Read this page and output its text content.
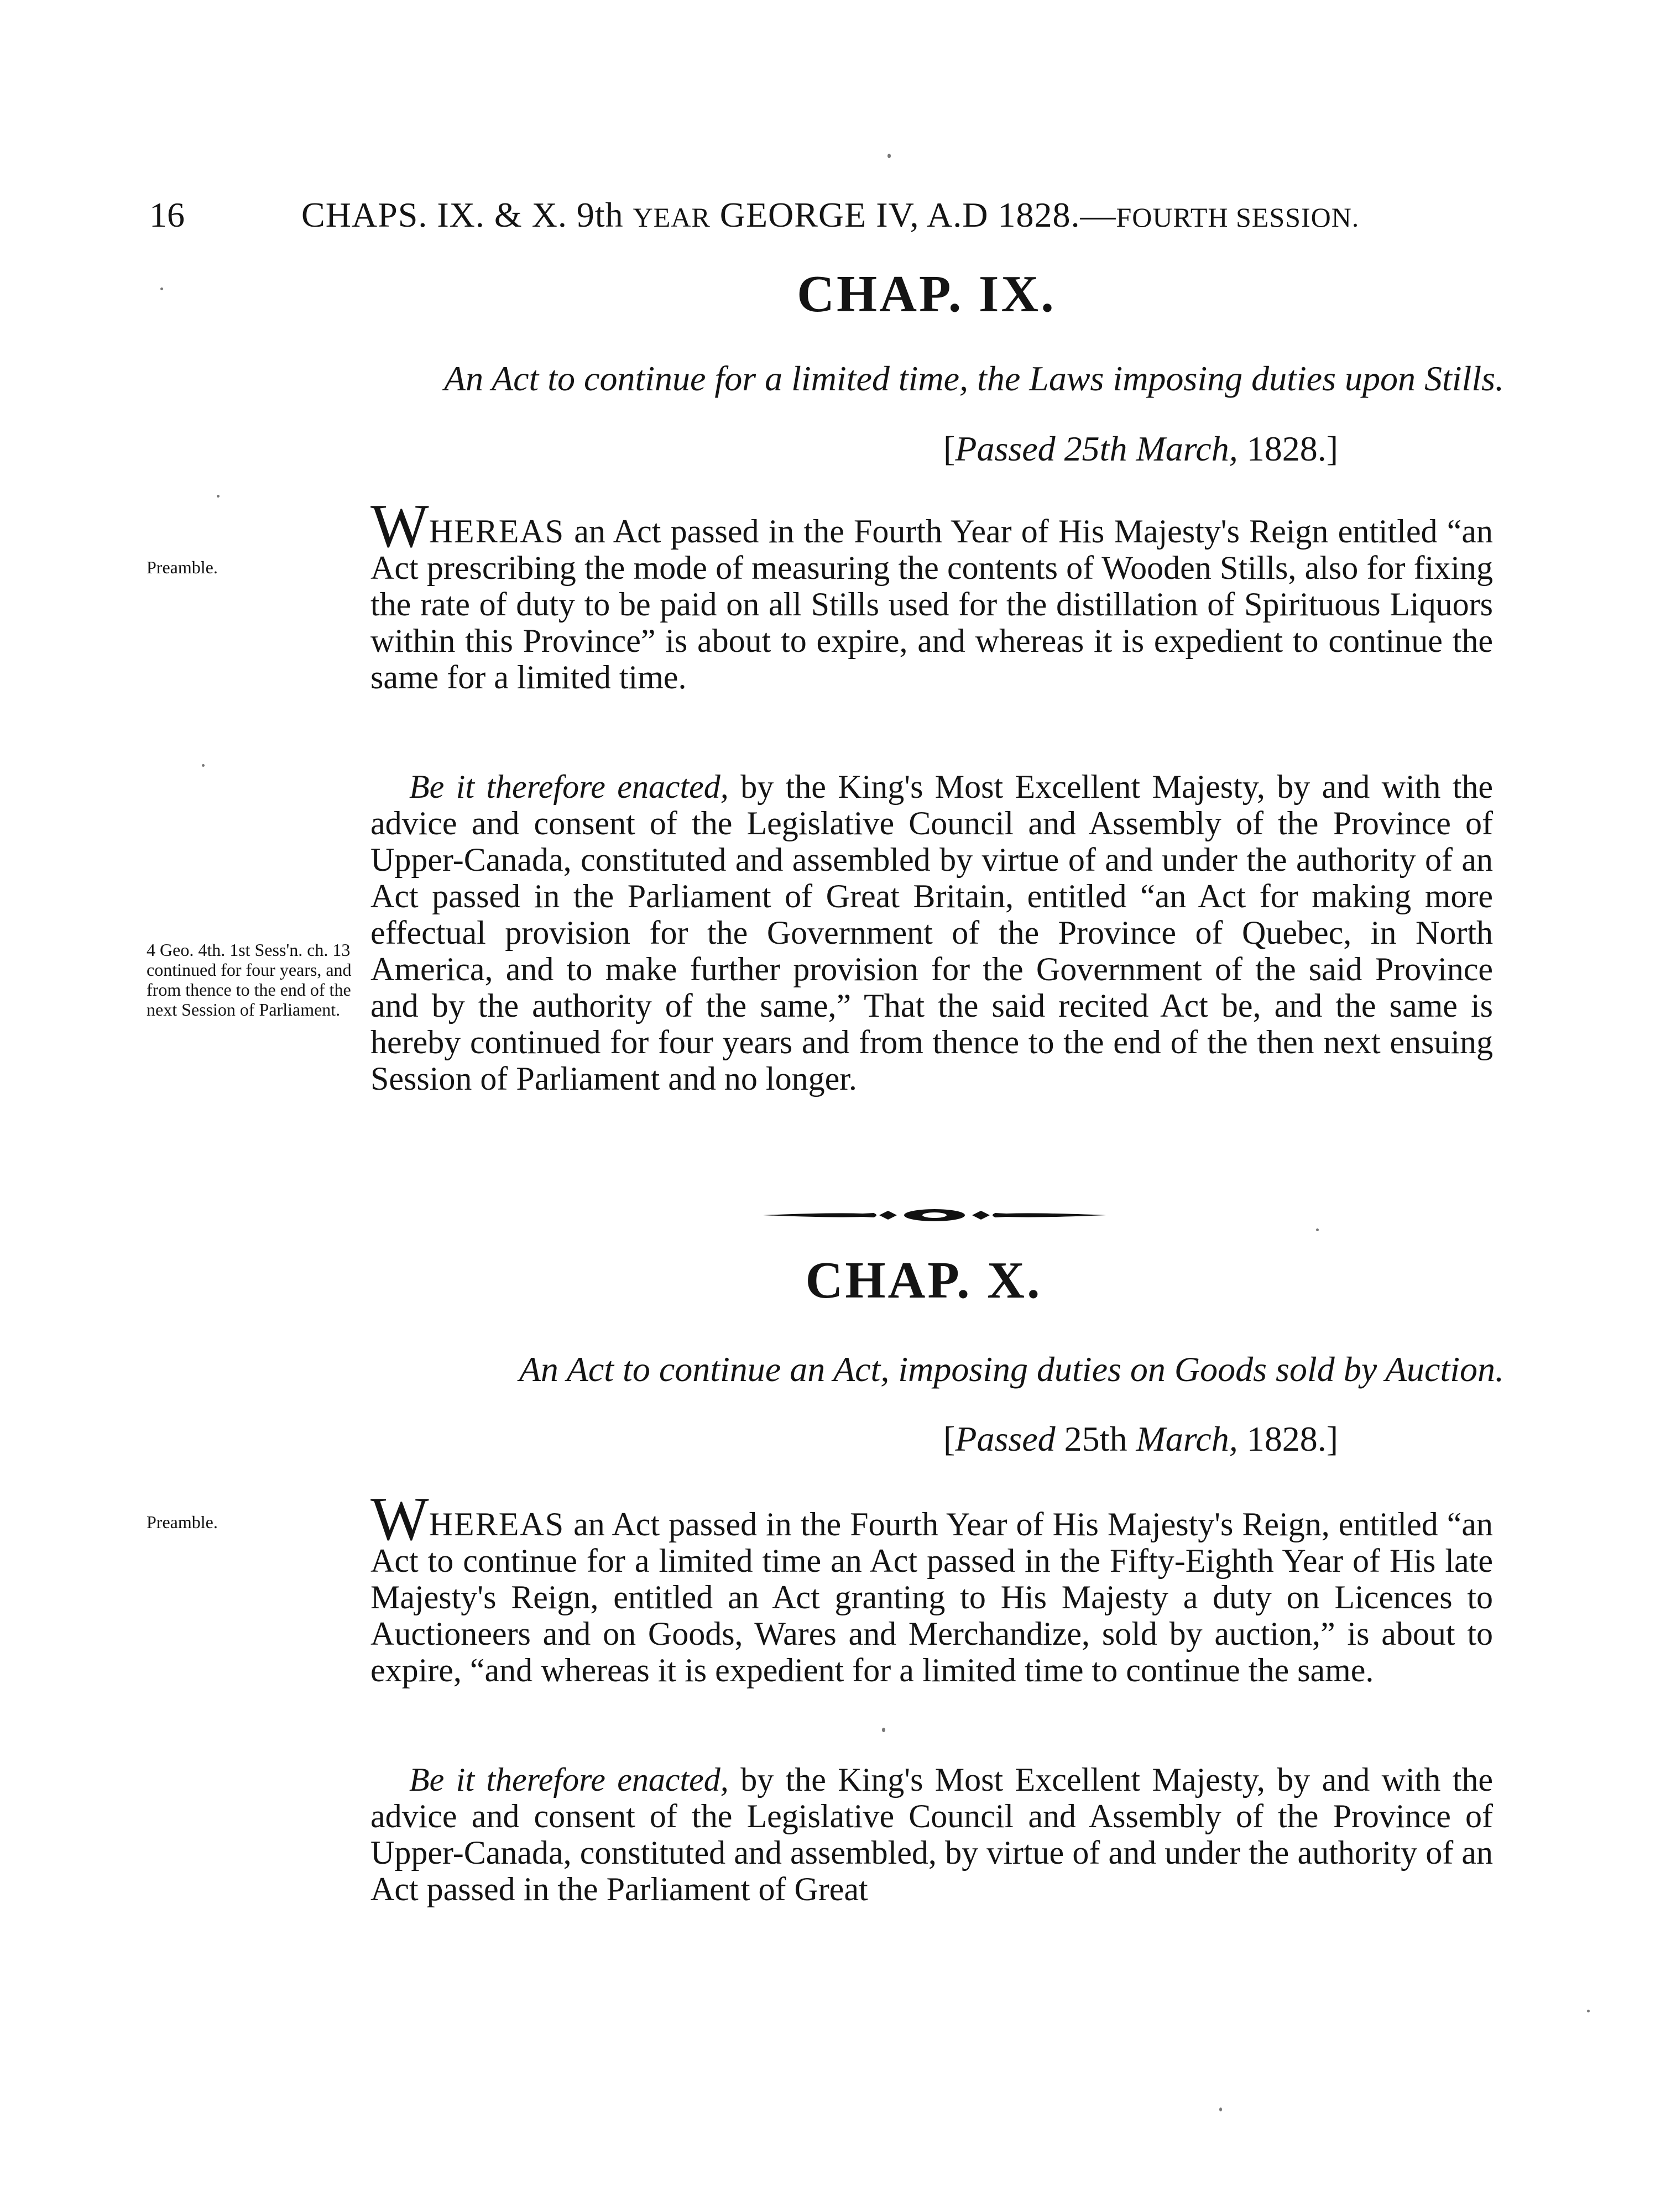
16	CHAPS. IX. & X. 9th YEAR GEORGE IV, A.D 1828.—FOURTH SESSION.
CHAP. IX.
An Act to continue for a limited time, the Laws imposing duties upon Stills.
[Passed 25th March, 1828.]
Preamble.
WHEREAS an Act passed in the Fourth Year of His Majesty's Reign entitled “an Act prescribing the mode of measuring the contents of Wooden Stills, also for fixing the rate of duty to be paid on all Stills used for the distillation of Spirituous Liquors within this Province” is about to expire, and whereas it is expedient to continue the same for a limited time.
4 Geo. 4th. 1st Sess'n. ch. 13 continued for four years, and from thence to the end of the next Session of Parliament.
Be it therefore enacted, by the King's Most Excellent Majesty, by and with the advice and consent of the Legislative Council and Assembly of the Province of Upper-Canada, constituted and assembled by virtue of and under the authority of an Act passed in the Parliament of Great Britain, entitled “an Act for making more effectual provision for the Government of the Province of Quebec, in North America, and to make further provision for the Government of the said Province and by the authority of the same,” That the said recited Act be, and the same is hereby continued for four years and from thence to the end of the then next ensuing Session of Parliament and no longer.
CHAP. X.
An Act to continue an Act, imposing duties on Goods sold by Auction.
[Passed 25th March, 1828.]
Preamble.	WHEREAS an Act passed in the Fourth Year of His Majesty's Reign, entitled “an Act to continue for a limited time an Act passed in the Fifty-Eighth Year of His late Majesty's Reign, entitled an Act granting to His Majesty a duty on Licences to Auctioneers and on Goods, Wares and Merchandize, sold by auction,” is about to expire, “and whereas it is expedient for a limited time to continue the same.
Be it therefore enacted, by the King's Most Excellent Majesty, by and with the advice and consent of the Legislative Council and Assembly of the Province of Upper-Canada, constituted and assembled, by virtue of and under the authority of an Act passed in the Parliament of Great
